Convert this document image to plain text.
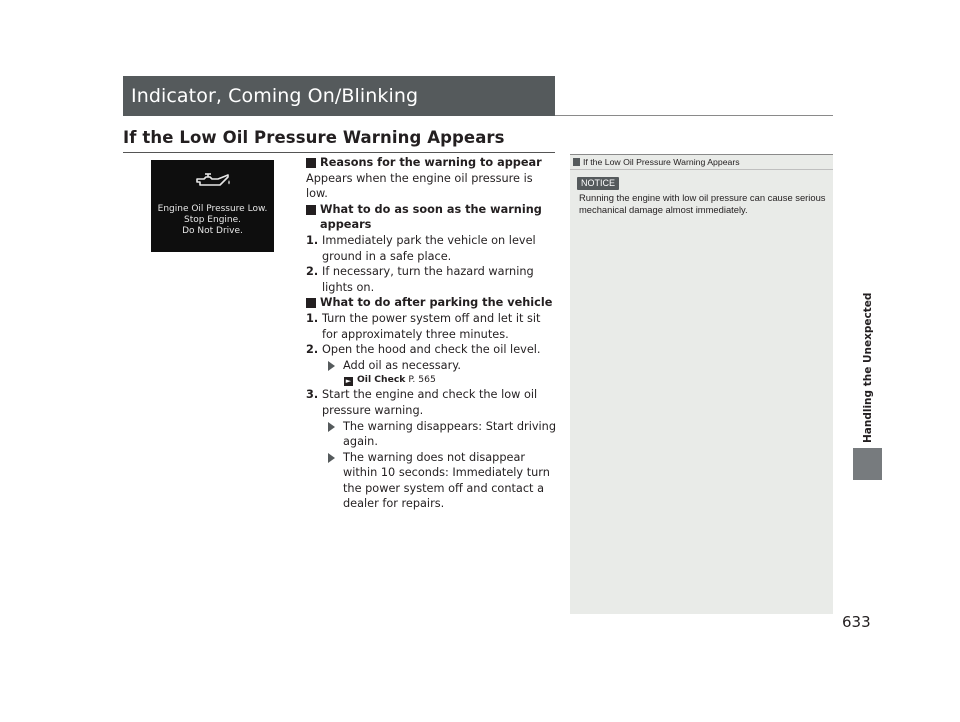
Indicator, Coming On/Blinking
If the Low Oil Pressure Warning Appears
Engine Oil Pressure Low.
Stop Engine.
Do Not Drive.
Reasons for the warning to appear
Appears when the engine oil pressure is low.
What to do as soon as the warning appears
1. Immediately park the vehicle on level ground in a safe place.
2. If necessary, turn the hazard warning lights on.
What to do after parking the vehicle
1. Turn the power system off and let it sit for approximately three minutes.
2. Open the hood and check the oil level.
Add oil as necessary.
► Oil Check P. 565
3. Start the engine and check the low oil pressure warning.
The warning disappears: Start driving again.
The warning does not disappear within 10 seconds: Immediately turn the power system off and contact a dealer for repairs.
If the Low Oil Pressure Warning Appears
NOTICE
Running the engine with low oil pressure can cause serious mechanical damage almost immediately.
Handling the Unexpected
633
